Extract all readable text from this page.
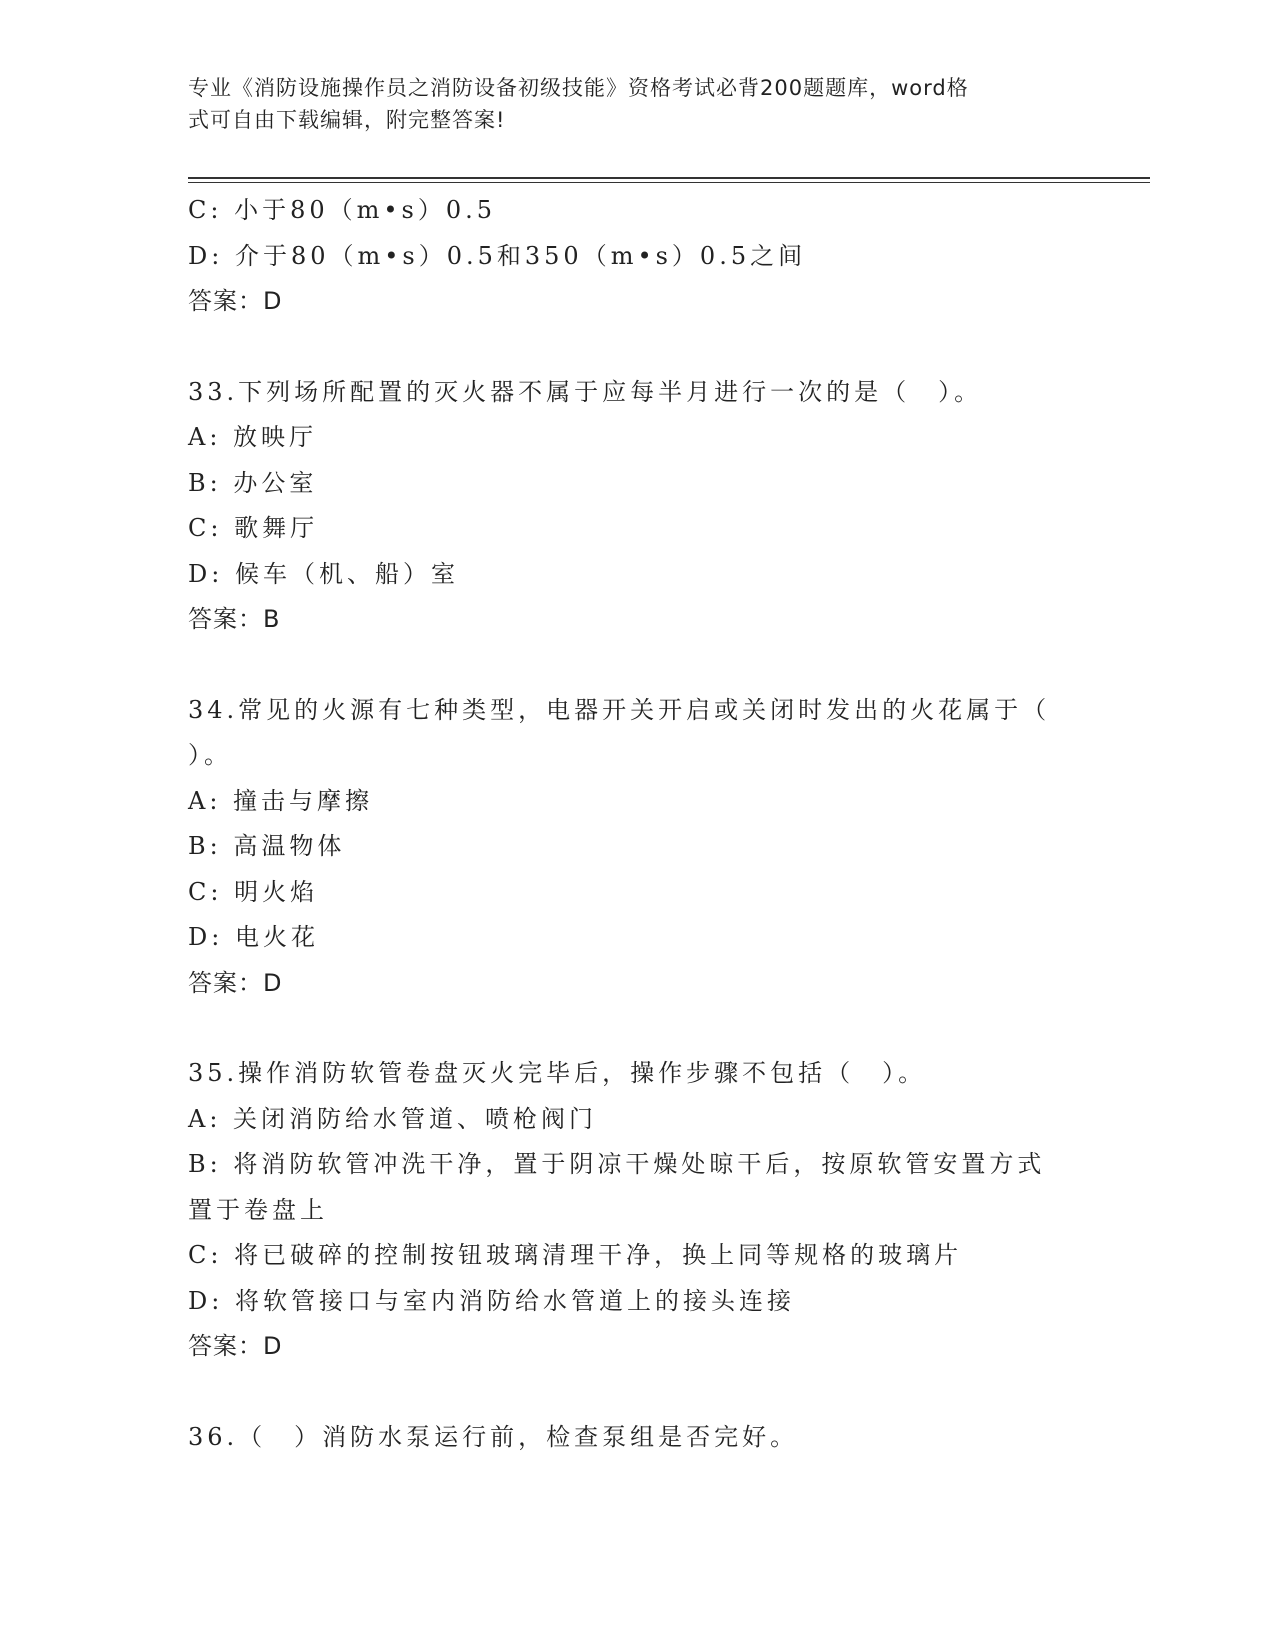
专业《消防设施操作员之消防设备初级技能》资格考试必背200题题库，word格
式可自由下载编辑，附完整答案!
C: 小于80（m•s）0.5
D: 介于80（m•s）0.5和350（m•s）0.5之间
答案：D
33.下列场所配置的灭火器不属于应每半月进行一次的是（　）。
A: 放映厅
B: 办公室
C: 歌舞厅
D: 候车（机、船）室
答案：B
34.常见的火源有七种类型，电器开关开启或关闭时发出的火花属于（
）。
A: 撞击与摩擦
B: 高温物体
C: 明火焰
D: 电火花
答案：D
35.操作消防软管卷盘灭火完毕后，操作步骤不包括（　）。
A: 关闭消防给水管道、喷枪阀门
B: 将消防软管冲洗干净，置于阴凉干燥处晾干后，按原软管安置方式
置于卷盘上
C: 将已破碎的控制按钮玻璃清理干净，换上同等规格的玻璃片
D: 将软管接口与室内消防给水管道上的接头连接
答案：D
36.（　）消防水泵运行前，检查泵组是否完好。
